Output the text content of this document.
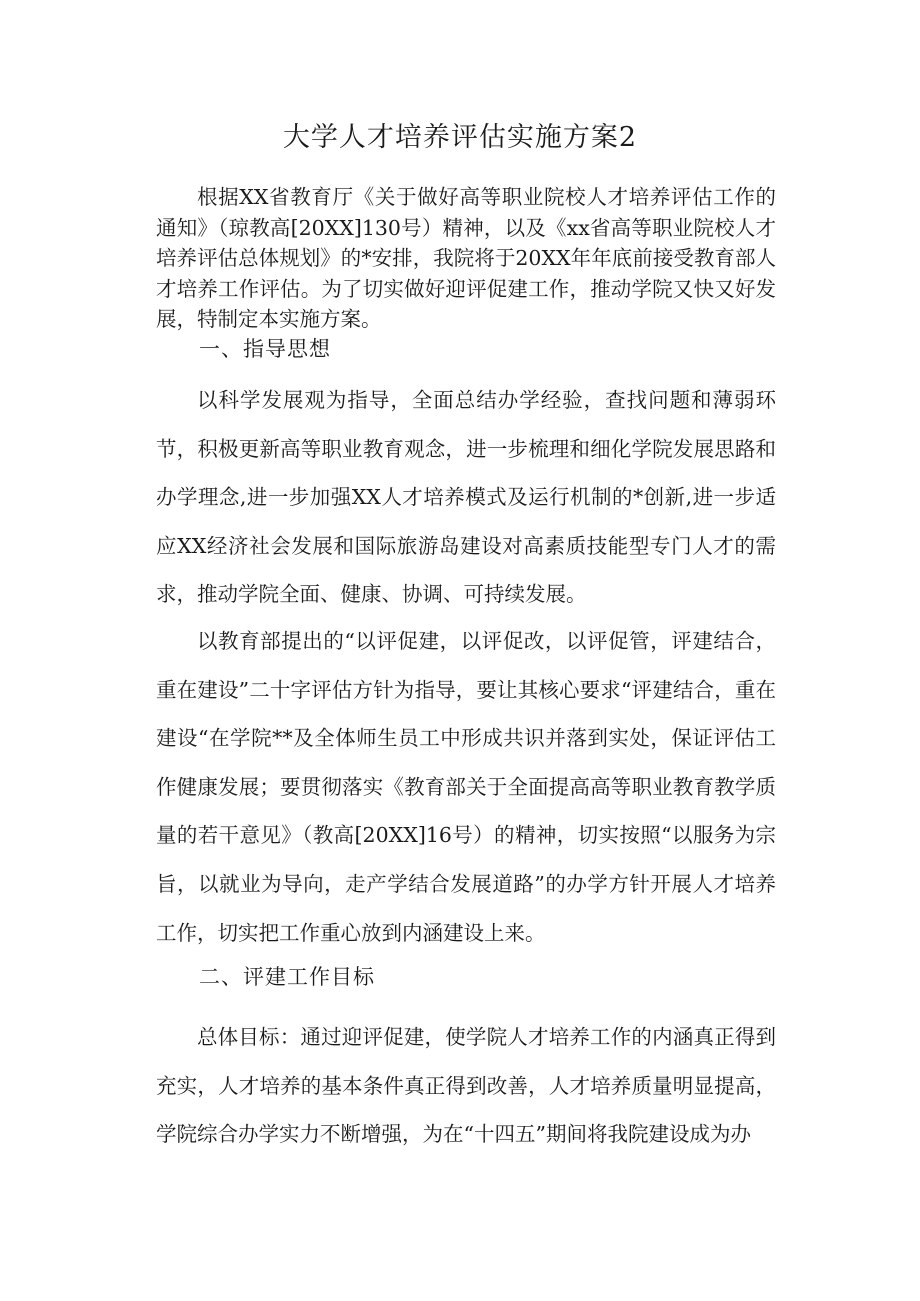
大学人才培养评估实施方案2

根据XX省教育厅《关于做好高等职业院校人才培养评估工作的通知》（琼教高[20XX]130号）精神，以及《xx省高等职业院校人才培养评估总体规划》的*安排，我院将于20XX年年底前接受教育部人才培养工作评估。为了切实做好迎评促建工作，推动学院又快又好发展，特制定本实施方案。

一、指导思想

以科学发展观为指导，全面总结办学经验，查找问题和薄弱环节，积极更新高等职业教育观念，进一步梳理和细化学院发展思路和办学理念,进一步加强XX人才培养模式及运行机制的*创新,进一步适应XX经济社会发展和国际旅游岛建设对高素质技能型专门人才的需求，推动学院全面、健康、协调、可持续发展。

以教育部提出的“以评促建，以评促改，以评促管，评建结合，重在建设”二十字评估方针为指导，要让其核心要求“评建结合，重在建设“在学院**及全体师生员工中形成共识并落到实处，保证评估工作健康发展；要贯彻落实《教育部关于全面提高高等职业教育教学质量的若干意见》（教高[20XX]16号）的精神，切实按照“以服务为宗旨，以就业为导向，走产学结合发展道路”的办学方针开展人才培养工作，切实把工作重心放到内涵建设上来。

二、评建工作目标

总体目标：通过迎评促建，使学院人才培养工作的内涵真正得到充实，人才培养的基本条件真正得到改善，人才培养质量明显提高，学院综合办学实力不断增强，为在“十四五”期间将我院建设成为办
